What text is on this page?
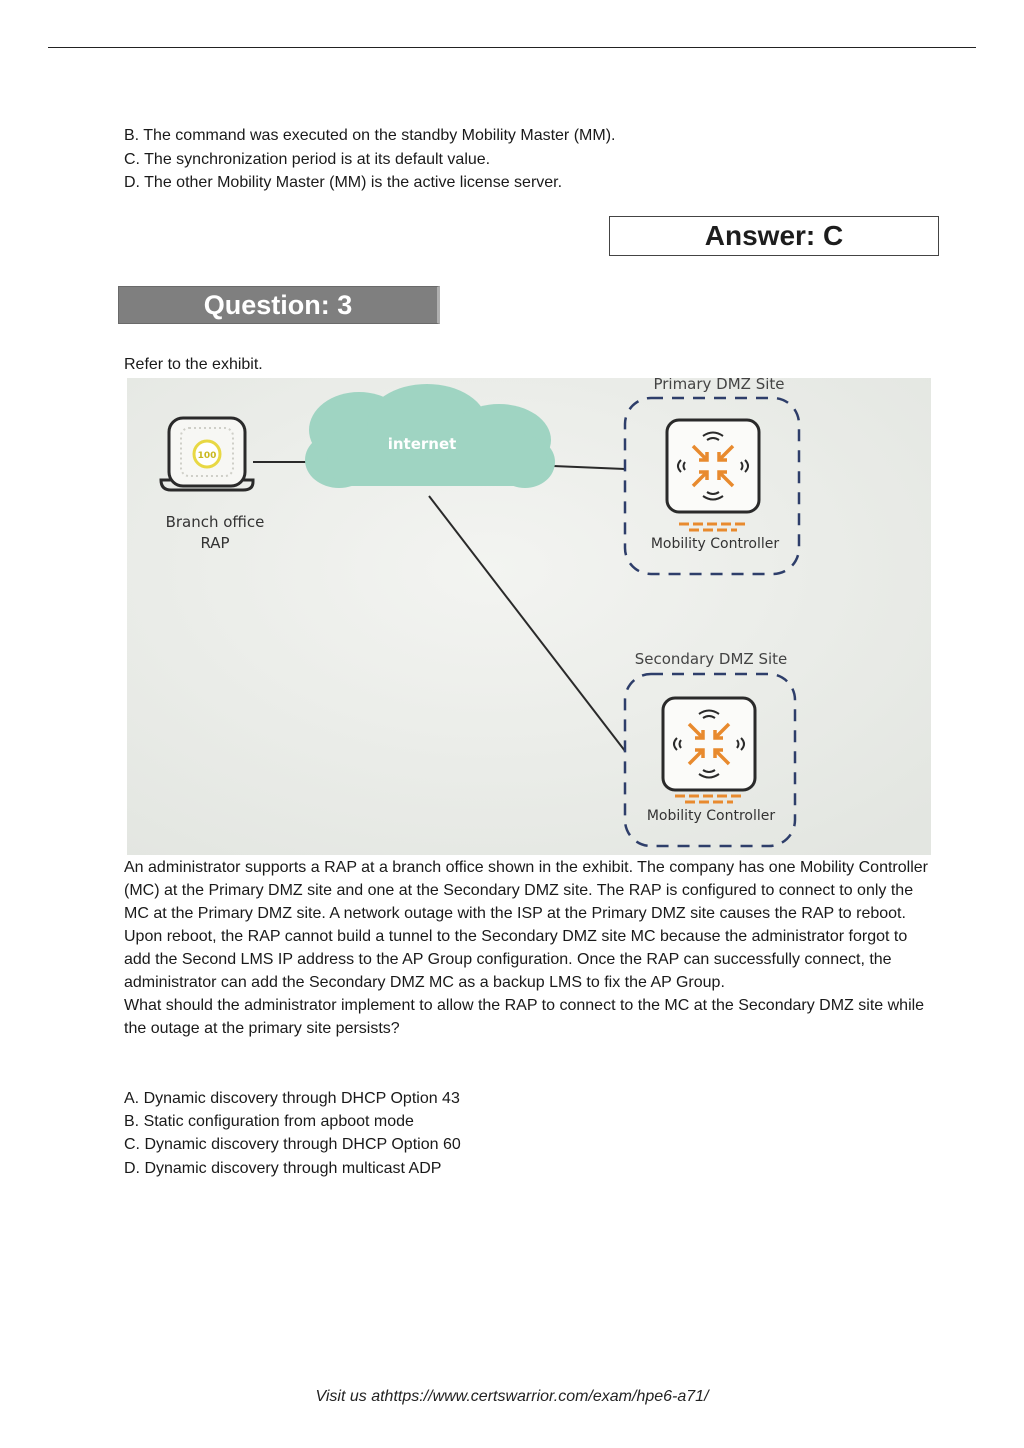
B. The command was executed on the standby Mobility Master (MM).
C. The synchronization period is at its default value.
D. The other Mobility Master (MM) is the active license server.
Answer: C
Question: 3
Refer to the exhibit.
internet
100
Branch office
RAP
Primary DMZ Site
Mobility Controller
Secondary DMZ Site
Mobility Controller

An administrator supports a RAP at a branch office shown in the exhibit. The company has one Mobility Controller (MC) at the Primary DMZ site and one at the Secondary DMZ site. The RAP is configured to connect to only the MC at the Primary DMZ site. A network outage with the ISP at the Primary DMZ site causes the RAP to reboot. Upon reboot, the RAP cannot build a tunnel to the Secondary DMZ site MC because the administrator forgot to add the Second LMS IP address to the AP Group configuration. Once the RAP can successfully connect, the administrator can add the Secondary DMZ MC as a backup LMS to fix the AP Group.

What should the administrator implement to allow the RAP to connect to the MC at the Secondary DMZ site while the outage at the primary site persists?

A. Dynamic discovery through DHCP Option 43
B. Static configuration from apboot mode
C. Dynamic discovery through DHCP Option 60
D. Dynamic discovery through multicast ADP
Visit us athttps://www.certswarrior.com/exam/hpe6-a71/
